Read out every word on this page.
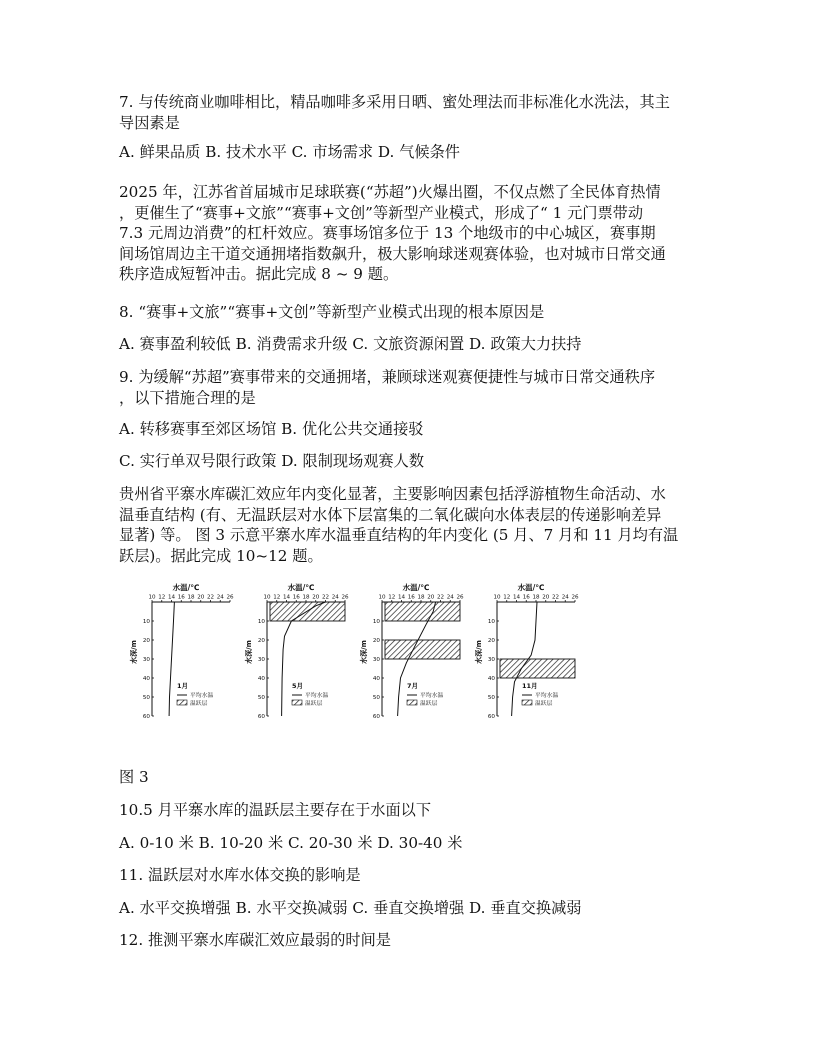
7. 与传统商业咖啡相比，精品咖啡多采用日晒、蜜处理法而非标准化水洗法，其主

导因素是

A. 鲜果品质 B. 技术水平 C. 市场需求 D. 气候条件

2025 年，江苏省首届城市足球联赛(“苏超”)火爆出圈，不仅点燃了全民体育热情

，更催生了“赛事+文旅”“赛事+文创”等新型产业模式，形成了“ 1 元门票带动

7.3 元周边消费”的杠杆效应。赛事场馆多位于 13 个地级市的中心城区，赛事期

间场馆周边主干道交通拥堵指数飙升，极大影响球迷观赛体验，也对城市日常交通

秩序造成短暂冲击。据此完成 8 ~ 9 题。

8. “赛事+文旅”“赛事+文创”等新型产业模式出现的根本原因是

A. 赛事盈利较低 B. 消费需求升级 C. 文旅资源闲置 D. 政策大力扶持

9. 为缓解“苏超”赛事带来的交通拥堵，兼顾球迷观赛便捷性与城市日常交通秩序

，以下措施合理的是

A. 转移赛事至郊区场馆 B. 优化公共交通接驳

C. 实行单双号限行政策 D. 限制现场观赛人数

贵州省平寨水库碳汇效应年内变化显著，主要影响因素包括浮游植物生命活动、水

温垂直结构 (有、无温跃层对水体下层富集的二氧化碳向水体表层的传递影响差异

显著) 等。 图 3 示意平寨水库水温垂直结构的年内变化 (5 月、7 月和 11 月均有温

跃层)。据此完成 10~12 题。

水温/℃
10 12 14 16 18 20 22 24 26
10
20
30
40
50
60
水深/m
1月
平均水温
温跃层
水温/℃
10 12 14 16 18 20 22 24 26
10
20
30
40
50
60
水深/m
5月
平均水温
温跃层
水温/℃
10 12 14 16 18 20 22 24 26
10
20
30
40
50
60
水深/m
7月
平均水温
温跃层
水温/℃
10 12 14 16 18 20 22 24 26
10
20
30
40
50
60
水深/m
11月
平均水温
温跃层

图 3

10.5 月平寨水库的温跃层主要存在于水面以下

A. 0-10 米 B. 10-20 米 C. 20-30 米 D. 30-40 米

11. 温跃层对水库水体交换的影响是

A. 水平交换增强 B. 水平交换减弱 C. 垂直交换增强 D. 垂直交换减弱

12. 推测平寨水库碳汇效应最弱的时间是
